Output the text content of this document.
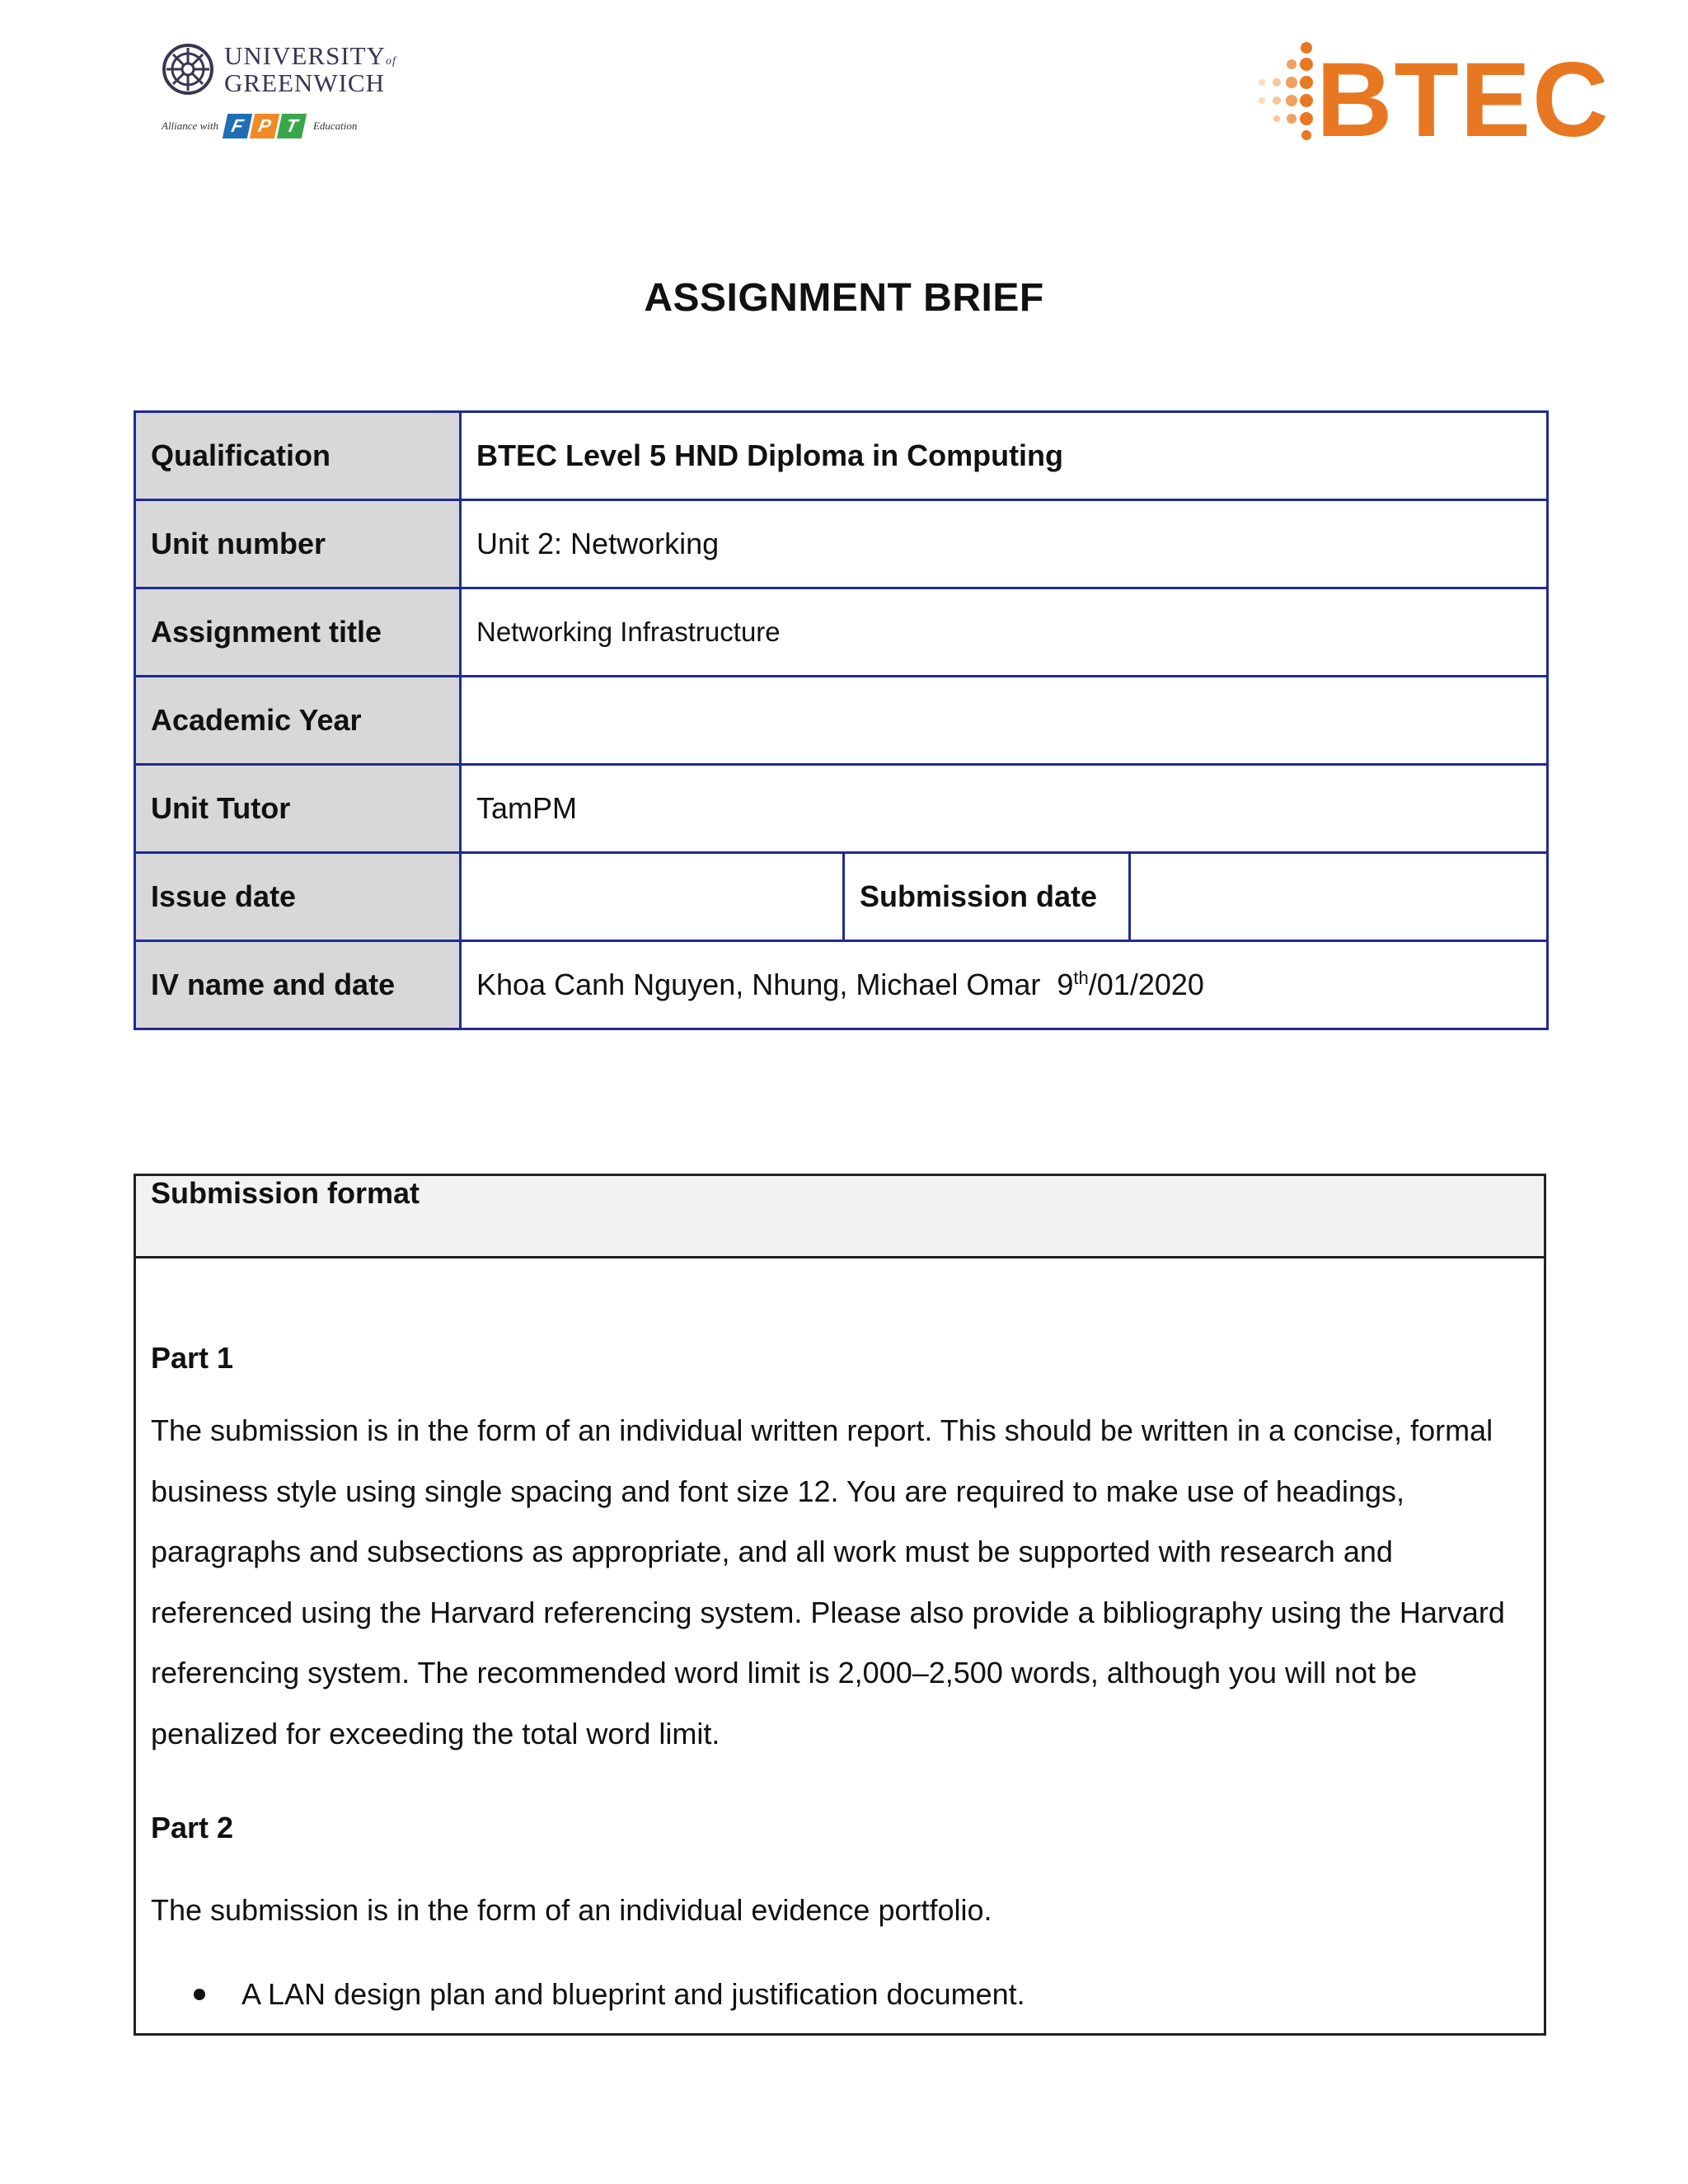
UNIVERSITYof
GREENWICH
Alliance with F P T	Education	BTEC
ASSIGNMENT BRIEF
Qualification	BTEC Level 5 HND Diploma in Computing		
Unit number	Unit 2: Networking		
Assignment title	Networking Infrastructure		
Academic Year			
Unit Tutor	TamPM		
Issue date		Submission date	
IV name and date	Khoa Canh Nguyen, Nhung, Michael Omar 9th/01/2020		
Submission format
Part 1
The submission is in the form of an individual written report. This should be written in a concise, formal business style using single spacing and font size 12. You are required to make use of headings, paragraphs and subsections as appropriate, and all work must be supported with research and referenced using the Harvard referencing system. Please also provide a bibliography using the Harvard referencing system. The recommended word limit is 2,000–2,500 words, although you will not be penalized for exceeding the total word limit.
Part 2
The submission is in the form of an individual evidence portfolio.
A LAN design plan and blueprint and justification document.
